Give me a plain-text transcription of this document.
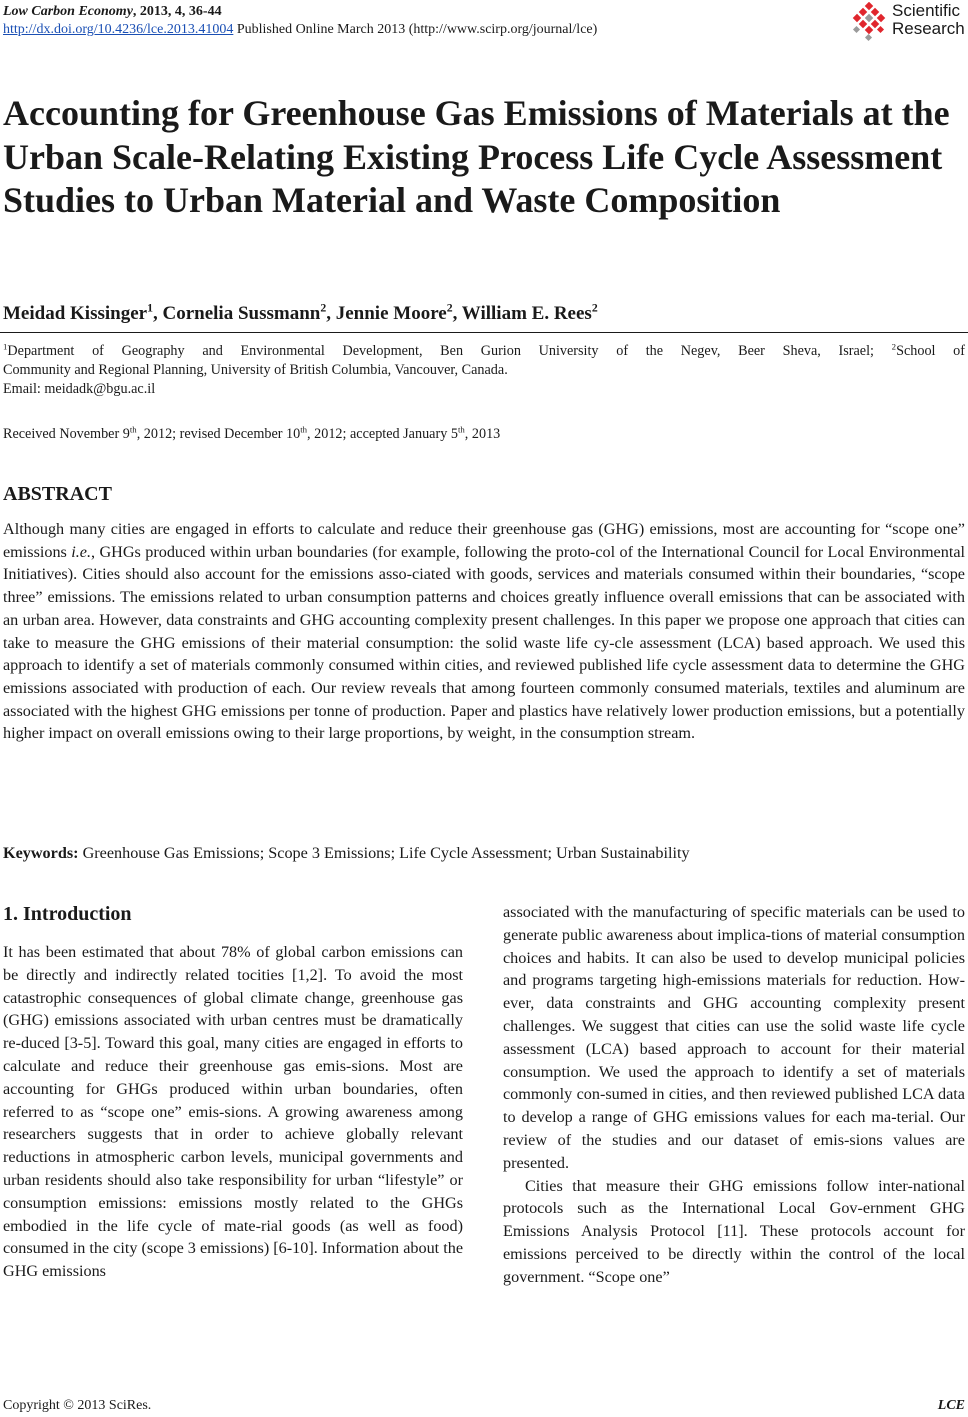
Low Carbon Economy, 2013, 4, 36-44
http://dx.doi.org/10.4236/lce.2013.41004 Published Online March 2013 (http://www.scirp.org/journal/lce)
Scientific
Research
Accounting for Greenhouse Gas Emissions of Materials at the Urban Scale-Relating Existing Process Life Cycle Assessment Studies to Urban Material and Waste Composition
Meidad Kissinger$^1$, Cornelia Sussmann$^2$, Jennie Moore$^2$, William E. Rees$^2$
$^1$Department of Geography and Environmental Development, Ben Gurion University of the Negev, Beer Sheva, Israel; $^2$School of
Community and Regional Planning, University of British Columbia, Vancouver, Canada.
Email: meidadk@bgu.ac.il
Received November 9th, 2012; revised December 10th, 2012; accepted January 5th, 2013
ABSTRACT
Although many cities are engaged in efforts to calculate and reduce their greenhouse gas (GHG) emissions, most are accounting for “scope one” emissions i.e., GHGs produced within urban boundaries (for example, following the proto-col of the International Council for Local Environmental Initiatives). Cities should also account for the emissions asso-ciated with goods, services and materials consumed within their boundaries, “scope three” emissions. The emissions related to urban consumption patterns and choices greatly influence overall emissions that can be associated with an urban area. However, data constraints and GHG accounting complexity present challenges. In this paper we propose one approach that cities can take to measure the GHG emissions of their material consumption: the solid waste life cy-cle assessment (LCA) based approach. We used this approach to identify a set of materials commonly consumed within cities, and reviewed published life cycle assessment data to determine the GHG emissions associated with production of each. Our review reveals that among fourteen commonly consumed materials, textiles and aluminum are associated with the highest GHG emissions per tonne of production. Paper and plastics have relatively lower production emissions, but a potentially higher impact on overall emissions owing to their large proportions, by weight, in the consumption stream.
Keywords: Greenhouse Gas Emissions; Scope 3 Emissions; Life Cycle Assessment; Urban Sustainability
1. Introduction

It has been estimated that about 78% of global carbon emissions can be directly and indirectly related tocities [1,2]. To avoid the most catastrophic consequences of global climate change, greenhouse gas (GHG) emissions associated with urban centres must be dramatically re-duced [3-5]. Toward this goal, many cities are engaged in efforts to calculate and reduce their greenhouse gas emis-sions. Most are accounting for GHGs produced within urban boundaries, often referred to as “scope one” emis-sions. A growing awareness among researchers suggests that in order to achieve globally relevant reductions in atmospheric carbon levels, municipal governments and urban residents should also take responsibility for urban “lifestyle” or consumption emissions: emissions mostly related to the GHGs embodied in the life cycle of mate-rial goods (as well as food) consumed in the city (scope 3 emissions) [6-10]. Information about the GHG emissions

associated with the manufacturing of specific materials can be used to generate public awareness about implica-tions of material consumption choices and habits. It can also be used to develop municipal policies and programs targeting high-emissions materials for reduction. How-ever, data constraints and GHG accounting complexity present challenges. We suggest that cities can use the solid waste life cycle assessment (LCA) based approach to account for their material consumption. We used the approach to identify a set of materials commonly con-sumed in cities, and then reviewed published LCA data to develop a range of GHG emissions values for each ma-terial. Our review of the studies and our dataset of emis-sions values are presented.

Cities that measure their GHG emissions follow inter-national protocols such as the International Local Gov-ernment GHG Emissions Analysis Protocol [11]. These protocols account for emissions perceived to be directly within the control of the local government. “Scope one”

Copyright © 2013 SciRes.	LCE
